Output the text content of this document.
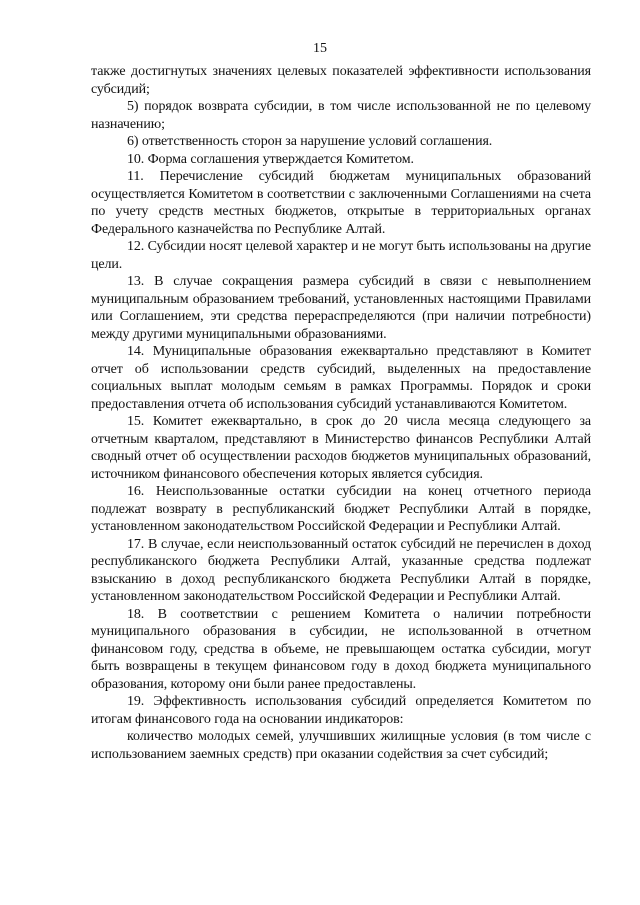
15

также достигнутых значениях целевых показателей эффективности использования субсидий;

5) порядок возврата субсидии, в том числе использованной не по целевому назначению;

6) ответственность сторон за нарушение условий соглашения.

10. Форма соглашения утверждается Комитетом.

11. Перечисление субсидий бюджетам муниципальных образований осуществляется Комитетом в соответствии с заключенными Соглашениями на счета по учету средств местных бюджетов, открытые в территориальных органах Федерального казначейства по Республике Алтай.

12. Субсидии носят целевой характер и не могут быть использованы на другие цели.

13. В случае сокращения размера субсидий в связи с невыполнением муниципальным образованием требований, установленных настоящими Правилами или Соглашением, эти средства перераспределяются (при наличии потребности) между другими муниципальными образованиями.

14. Муниципальные образования ежеквартально представляют в Комитет отчет об использовании средств субсидий, выделенных на предоставление социальных выплат молодым семьям в рамках Программы. Порядок и сроки предоставления отчета об использования субсидий устанавливаются Комитетом.

15. Комитет ежеквартально, в срок до 20 числа месяца следующего за отчетным кварталом, представляют в Министерство финансов Республики Алтай сводный отчет об осуществлении расходов бюджетов муниципальных образований, источником финансового обеспечения которых является субсидия.

16. Неиспользованные остатки субсидии на конец отчетного периода подлежат возврату в республиканский бюджет Республики Алтай в порядке, установленном законодательством Российской Федерации и Республики Алтай.

17. В случае, если неиспользованный остаток субсидий не перечислен в доход республиканского бюджета Республики Алтай, указанные средства подлежат взысканию в доход республиканского бюджета Республики Алтай в порядке, установленном законодательством Российской Федерации и Республики Алтай.

18. В соответствии с решением Комитета о наличии потребности муниципального образования в субсидии, не использованной в отчетном финансовом году, средства в объеме, не превышающем остатка субсидии, могут быть возвращены в текущем финансовом году в доход бюджета муниципального образования, которому они были ранее предоставлены.

19. Эффективность использования субсидий определяется Комитетом по итогам финансового года на основании индикаторов:

количество молодых семей, улучшивших жилищные условия (в том числе с использованием заемных средств) при оказании содействия за счет субсидий;
